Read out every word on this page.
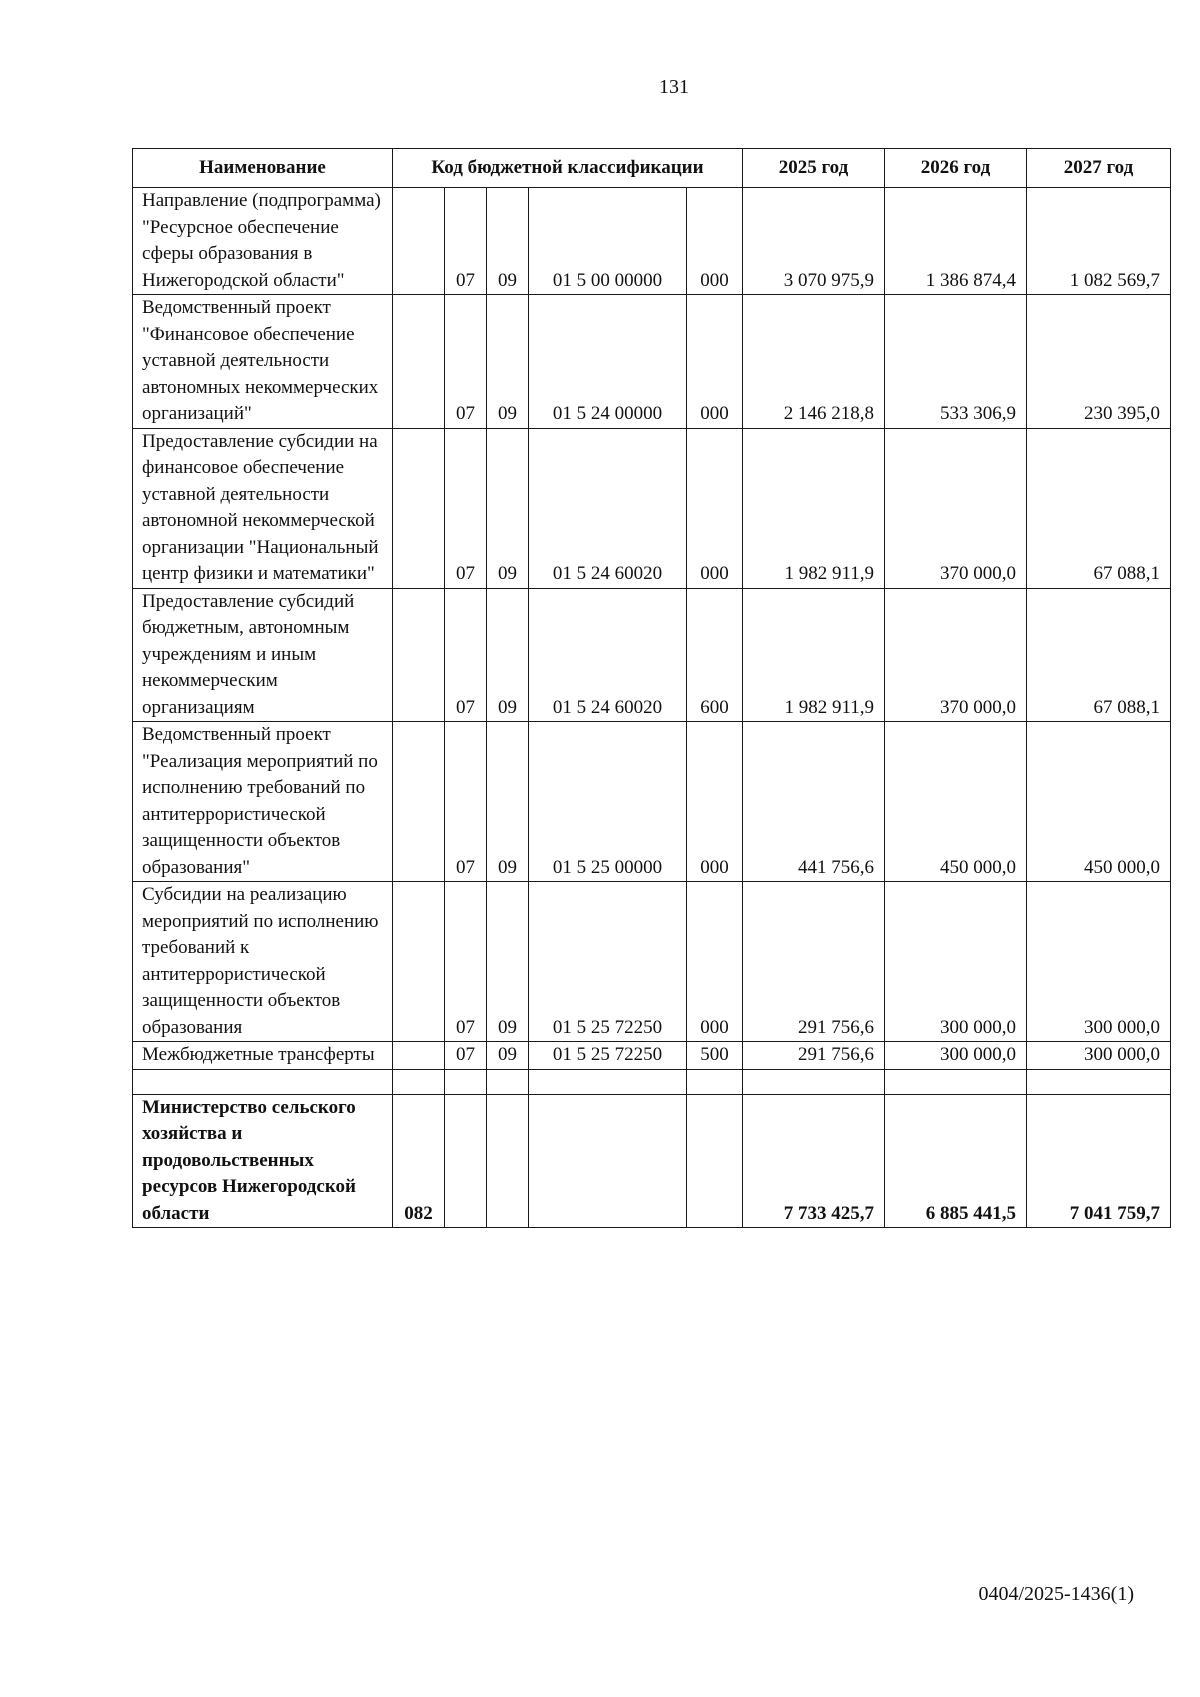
131
Наименование	Код бюджетной классификации					2025 год	2026 год	2027 год
Направление (подпрограмма) "Ресурсное обеспечение сферы образования в Нижегородской области"		07	09	01 5 00 00000	000	3 070 975,9	1 386 874,4	1 082 569,7
Ведомственный проект "Финансовое обеспечение уставной деятельности автономных некоммерческих организаций"		07	09	01 5 24 00000	000	2 146 218,8	533 306,9	230 395,0
Предоставление субсидии на финансовое обеспечение уставной деятельности автономной некоммерческой организации "Национальный центр физики и математики"		07	09	01 5 24 60020	000	1 982 911,9	370 000,0	67 088,1
Предоставление субсидий бюджетным, автономным учреждениям и иным некоммерческим организациям		07	09	01 5 24 60020	600	1 982 911,9	370 000,0	67 088,1
Ведомственный проект "Реализация мероприятий по исполнению требований по антитеррористической защищенности объектов образования"		07	09	01 5 25 00000	000	441 756,6	450 000,0	450 000,0
Субсидии на реализацию мероприятий по исполнению требований к антитеррористической защищенности объектов образования		07	09	01 5 25 72250	000	291 756,6	300 000,0	300 000,0
Межбюджетные трансферты		07	09	01 5 25 72250	500	291 756,6	300 000,0	300 000,0

Министерство сельского хозяйства и продовольственных ресурсов Нижегородской области	082					7 733 425,7	6 885 441,5	7 041 759,7
0404/2025-1436(1)
